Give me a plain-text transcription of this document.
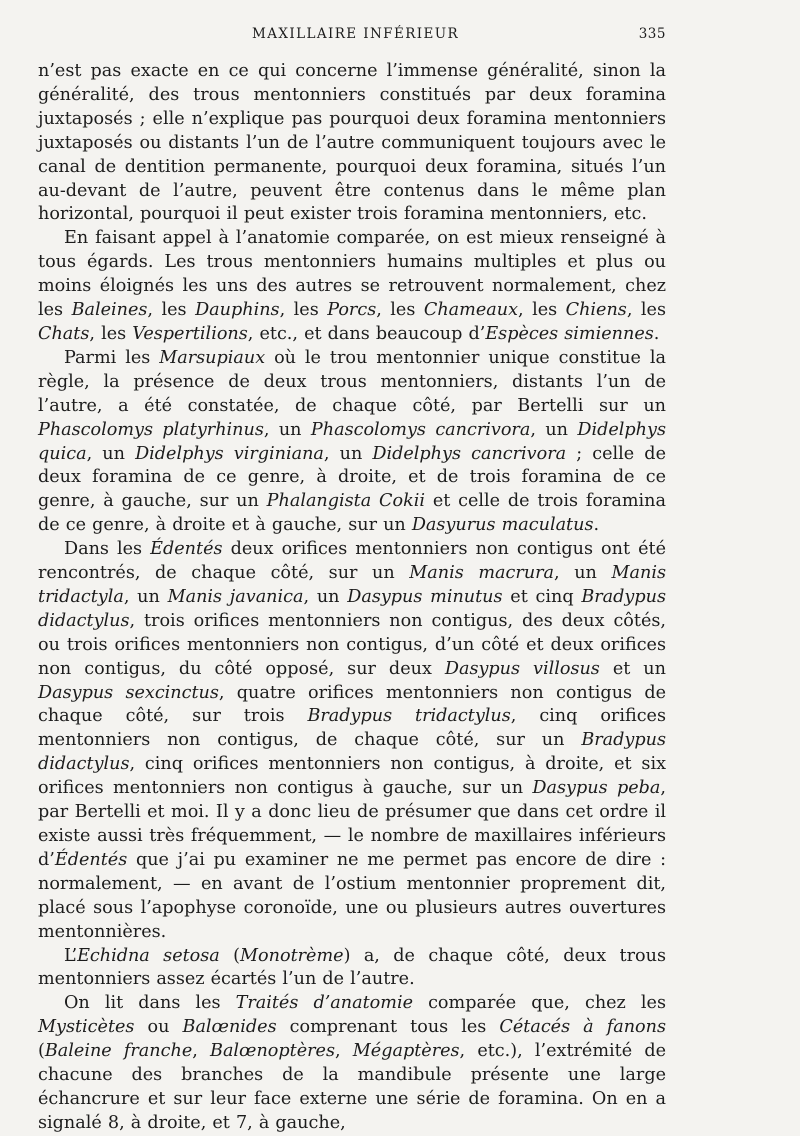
MAXILLAIRE INFÉRIEUR	335

n’est pas exacte en ce qui concerne l’immense généralité, sinon la généralité, des trous mentonniers constitués par deux foramina juxtaposés ; elle n’explique pas pourquoi deux foramina mentonniers juxtaposés ou distants l’un de l’autre communiquent toujours avec le canal de dentition permanente, pourquoi deux foramina, situés l’un au-devant de l’autre, peuvent être contenus dans le même plan horizontal, pourquoi il peut exister trois foramina mentonniers, etc.

En faisant appel à l’anatomie comparée, on est mieux renseigné à tous égards. Les trous mentonniers humains multiples et plus ou moins éloignés les uns des autres se retrouvent normalement, chez les Baleines, les Dauphins, les Porcs, les Chameaux, les Chiens, les Chats, les Vespertilions, etc., et dans beaucoup d’Espèces simiennes.

Parmi les Marsupiaux où le trou mentonnier unique constitue la règle, la présence de deux trous mentonniers, distants l’un de l’autre, a été constatée, de chaque côté, par Bertelli sur un Phascolomys platyrhinus, un Phascolomys cancrivora, un Didelphys quica, un Didelphys virginiana, un Didelphys cancrivora ; celle de deux foramina de ce genre, à droite, et de trois foramina de ce genre, à gauche, sur un Phalangista Cokii et celle de trois foramina de ce genre, à droite et à gauche, sur un Dasyurus maculatus.

Dans les Édentés deux orifices mentonniers non contigus ont été rencontrés, de chaque côté, sur un Manis macrura, un Manis tridactyla, un Manis javanica, un Dasypus minutus et cinq Bradypus didactylus, trois orifices mentonniers non contigus, des deux côtés, ou trois orifices mentonniers non contigus, d’un côté et deux orifices non contigus, du côté opposé, sur deux Dasypus villosus et un Dasypus sexcinctus, quatre orifices mentonniers non contigus de chaque côté, sur trois Bradypus tridactylus, cinq orifices mentonniers non contigus, de chaque côté, sur un Bradypus didactylus, cinq orifices mentonniers non contigus, à droite, et six orifices mentonniers non contigus à gauche, sur un Dasypus peba, par Bertelli et moi. Il y a donc lieu de présumer que dans cet ordre il existe aussi très fréquemment, — le nombre de maxillaires inférieurs d’Édentés que j’ai pu examiner ne me permet pas encore de dire : normalement, — en avant de l’ostium mentonnier proprement dit, placé sous l’apophyse coronoïde, une ou plusieurs autres ouvertures mentonnières.

L’Echidna setosa (Monotrème) a, de chaque côté, deux trous mentonniers assez écartés l’un de l’autre.

On lit dans les Traités d’anatomie comparée que, chez les Mysticètes ou Balœnides comprenant tous les Cétacés à fanons (Baleine franche, Balœnoptères, Mégaptères, etc.), l’extrémité de chacune des branches de la mandibule présente une large échancrure et sur leur face externe une série de foramina. On en a signalé 8, à droite, et 7, à gauche,
